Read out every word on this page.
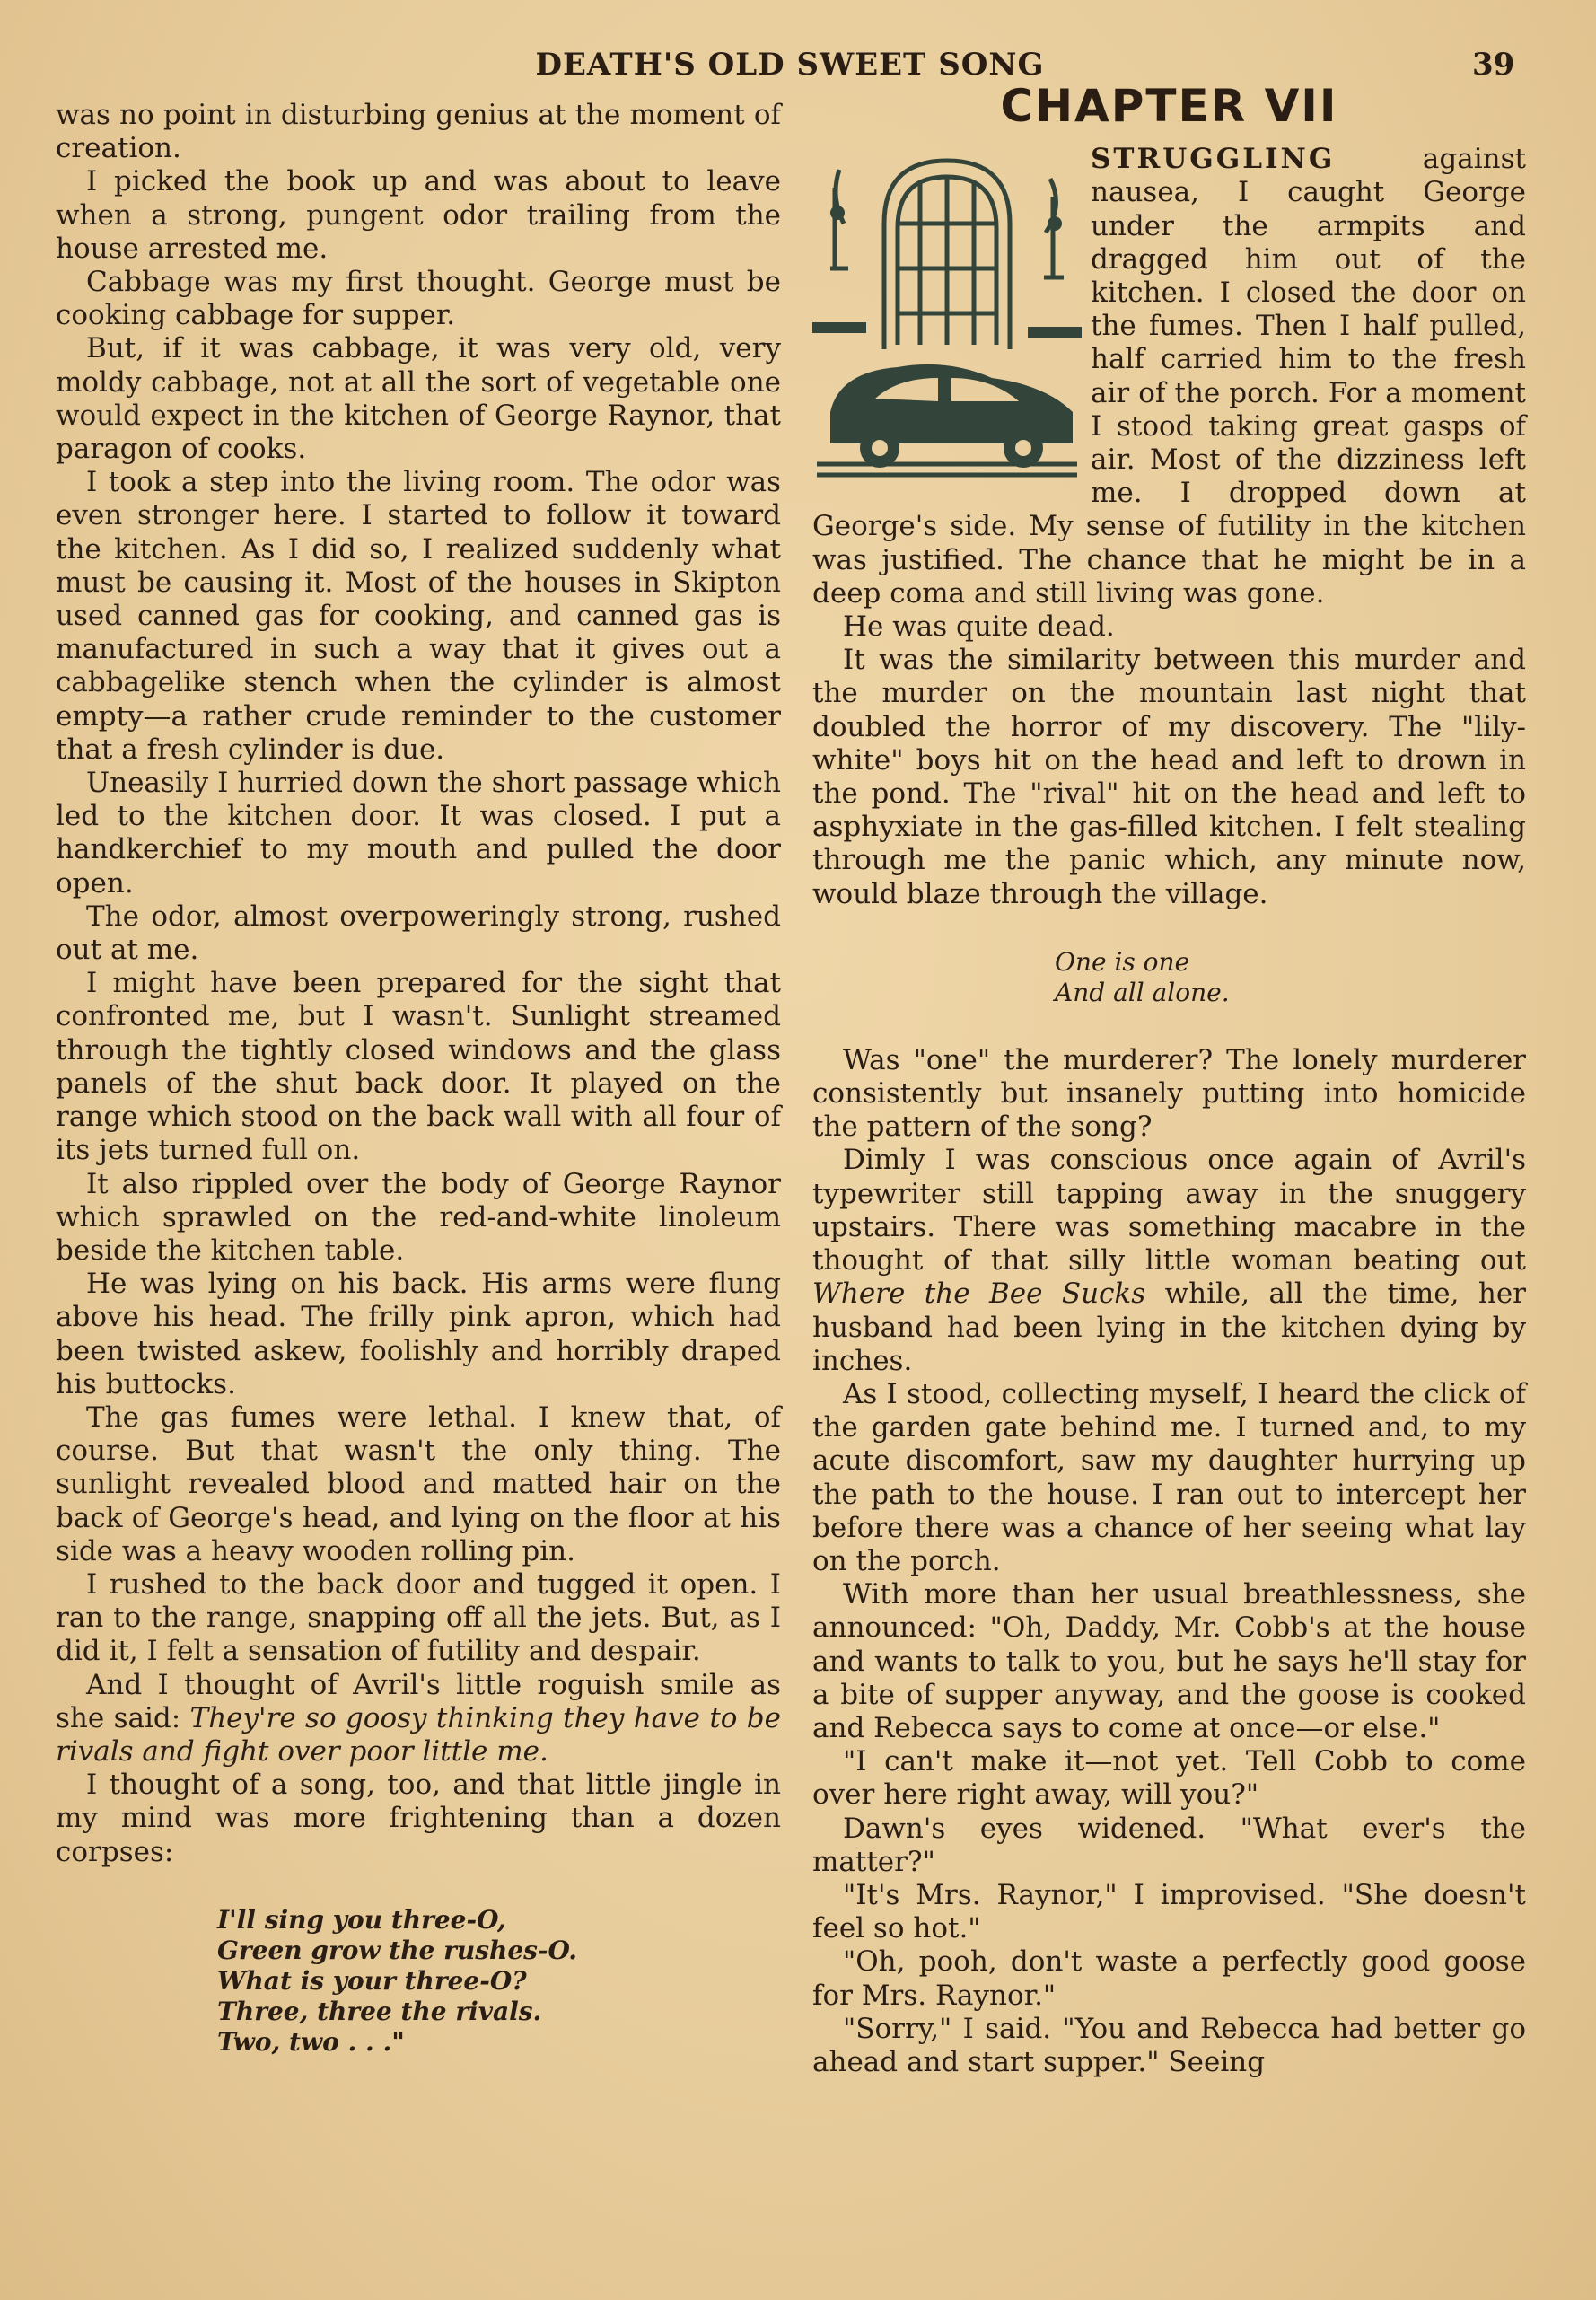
DEATH'S OLD SWEET SONG	39

was no point in disturbing genius at the moment of creation.

I picked the book up and was about to leave when a strong, pungent odor trailing from the house arrested me.

Cabbage was my first thought. George must be cooking cabbage for supper.

But, if it was cabbage, it was very old, very moldy cabbage, not at all the sort of vegetable one would expect in the kitchen of George Raynor, that paragon of cooks.

I took a step into the living room. The odor was even stronger here. I started to follow it toward the kitchen. As I did so, I realized suddenly what must be causing it. Most of the houses in Skipton used canned gas for cooking, and canned gas is manufactured in such a way that it gives out a cabbagelike stench when the cylinder is almost empty—a rather crude reminder to the customer that a fresh cylinder is due.

Uneasily I hurried down the short passage which led to the kitchen door. It was closed. I put a handkerchief to my mouth and pulled the door open.

The odor, almost overpoweringly strong, rushed out at me.

I might have been prepared for the sight that confronted me, but I wasn't. Sunlight streamed through the tightly closed windows and the glass panels of the shut back door. It played on the range which stood on the back wall with all four of its jets turned full on.

It also rippled over the body of George Raynor which sprawled on the red-and-white linoleum beside the kitchen table.

He was lying on his back. His arms were flung above his head. The frilly pink apron, which had been twisted askew, foolishly and horribly draped his buttocks.

The gas fumes were lethal. I knew that, of course. But that wasn't the only thing. The sunlight revealed blood and matted hair on the back of George's head, and lying on the floor at his side was a heavy wooden rolling pin.

I rushed to the back door and tugged it open. I ran to the range, snapping off all the jets. But, as I did it, I felt a sensation of futility and despair.

And I thought of Avril's little roguish smile as she said: They're so goosy thinking they have to be rivals and fight over poor little me.

I thought of a song, too, and that little jingle in my mind was more frightening than a dozen corpses:

I'll sing you three-O,
Green grow the rushes-O.
What is your three-O?
Three, three the rivals.
Two, two . . ."
CHAPTER VII

STRUGGLING against nausea, I caught George under the armpits and dragged him out of the kitchen. I closed the door on the fumes. Then I half pulled, half carried him to the fresh air of the porch. For a moment I stood taking great gasps of air. Most of the dizziness left me. I dropped down at George's side. My sense of futility in the kitchen was justified. The chance that he might be in a deep coma and still living was gone.

He was quite dead.

It was the similarity between this murder and the murder on the mountain last night that doubled the horror of my discovery. The "lily-white" boys hit on the head and left to drown in the pond. The "rival" hit on the head and left to asphyxiate in the gas-filled kitchen. I felt stealing through me the panic which, any minute now, would blaze through the village.

One is one
And all alone.

Was "one" the murderer? The lonely murderer consistently but insanely putting into homicide the pattern of the song?

Dimly I was conscious once again of Avril's typewriter still tapping away in the snuggery upstairs. There was something macabre in the thought of that silly little woman beating out Where the Bee Sucks while, all the time, her husband had been lying in the kitchen dying by inches.

As I stood, collecting myself, I heard the click of the garden gate behind me. I turned and, to my acute discomfort, saw my daughter hurrying up the path to the house. I ran out to intercept her before there was a chance of her seeing what lay on the porch.

With more than her usual breathlessness, she announced: "Oh, Daddy, Mr. Cobb's at the house and wants to talk to you, but he says he'll stay for a bite of supper anyway, and the goose is cooked and Rebecca says to come at once—or else."

"I can't make it—not yet. Tell Cobb to come over here right away, will you?"

Dawn's eyes widened. "What ever's the matter?"

"It's Mrs. Raynor," I improvised. "She doesn't feel so hot."

"Oh, pooh, don't waste a perfectly good goose for Mrs. Raynor."

"Sorry," I said. "You and Rebecca had better go ahead and start supper." Seeing
